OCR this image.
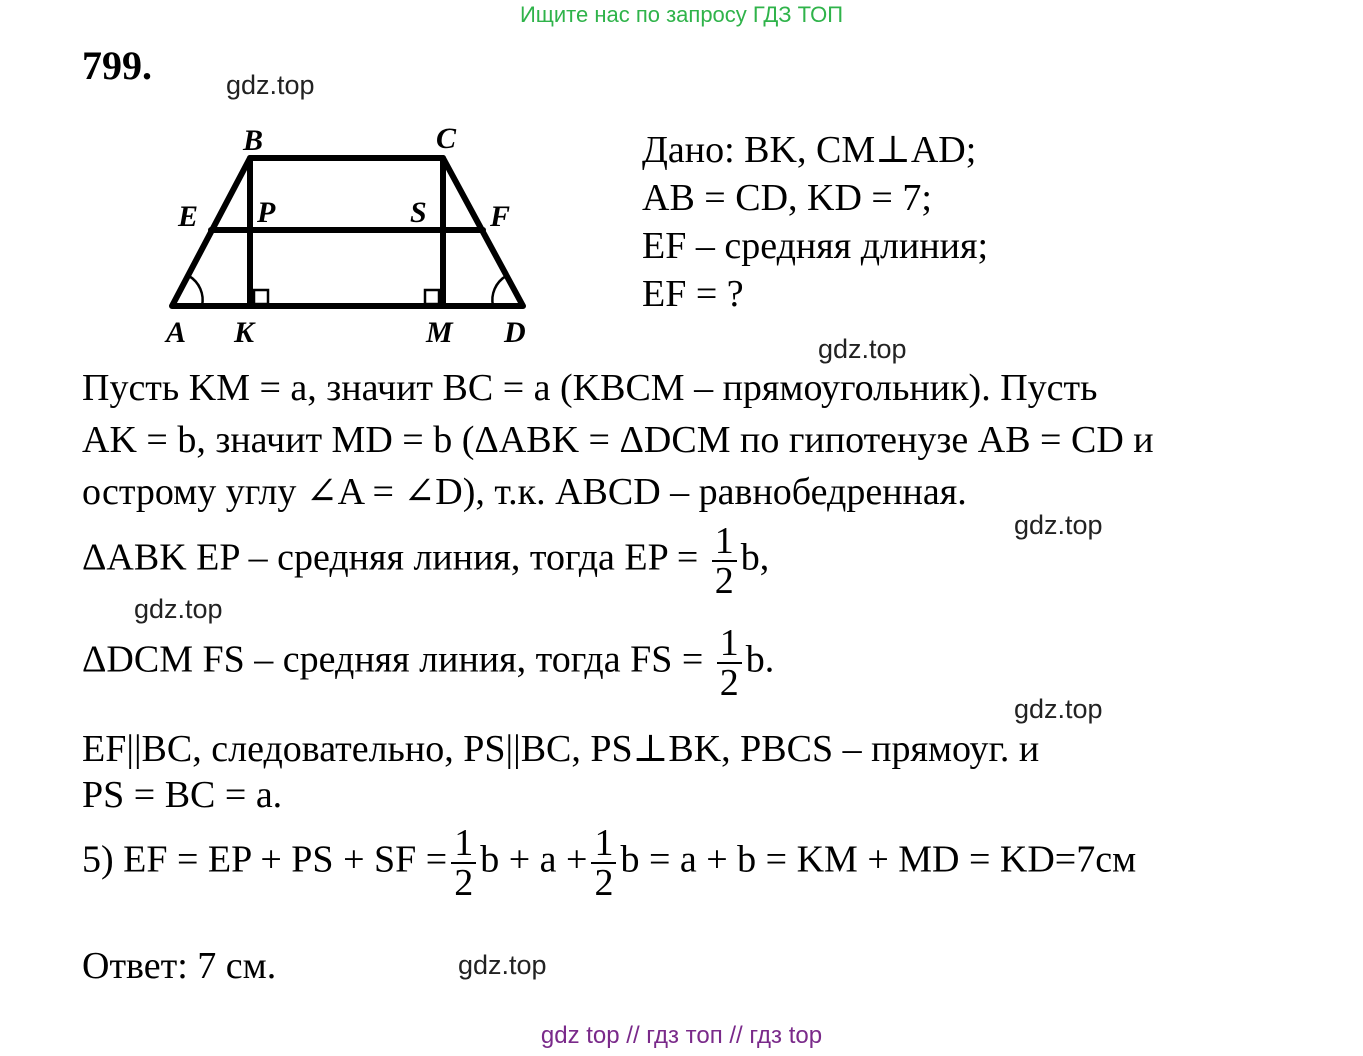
Ищите нас по запросу ГДЗ ТОП
799.	gdz.top
gdz.top
gdz.top
gdz.top
gdz.top
gdz.top
B	C
E P	S F
A K	M D
Дано: BK, CM⊥AD;
AB = CD, KD = 7;
EF – средняя длиния;
EF = ?
Пусть KM = a, значит BC = a (KBCM – прямоугольник). Пусть
AK = b, значит MD = b (ΔABK = ΔDCM по гипотенузе AB = CD и
острому углу ∠A = ∠D), т.к. ABCD – равнобедренная.
ΔABK EP – средняя линия, тогда EP = $\frac{1}{2} b$,
ΔDCM FS – средняя линия, тогда FS = $\frac{1}{2} b$.
EF||BC, следовательно, PS||BC, PS⊥BK, PBCS – прямоуг. и
PS = BC = a.
5) EF = EP + PS + SF = $\frac{1}{2}$ $b + a + \frac{1}{2}$ b = a + b = KM + MD = KD=7см
Ответ: 7 см.
gdz top // гдз топ // гдз top
